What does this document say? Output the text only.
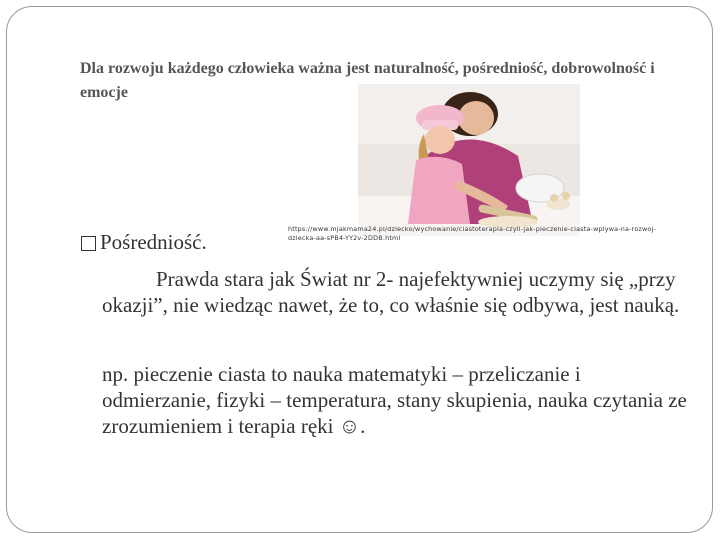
Dla rozwoju każdego człowieka ważna jest naturalność, pośredniość, dobrowolność i emocje
https://www.mjakmama24.pl/dziecko/wychowanie/ciastoterapia-czyli-jak-pieczenie-ciasta-wplywa-na-rozwoj-dziecka-aa-sPB4-YY2v-2DDB.html
Pośredniość.
Prawda stara jak Świat nr 2- najefektywniej uczymy się „przy okazji”, nie wiedząc nawet, że to, co właśnie się odbywa, jest nauką.
np. pieczenie ciasta to nauka matematyki – przeliczanie i odmierzanie, fizyki – temperatura, stany skupienia, nauka czytania ze zrozumieniem i terapia ręki ☺.
